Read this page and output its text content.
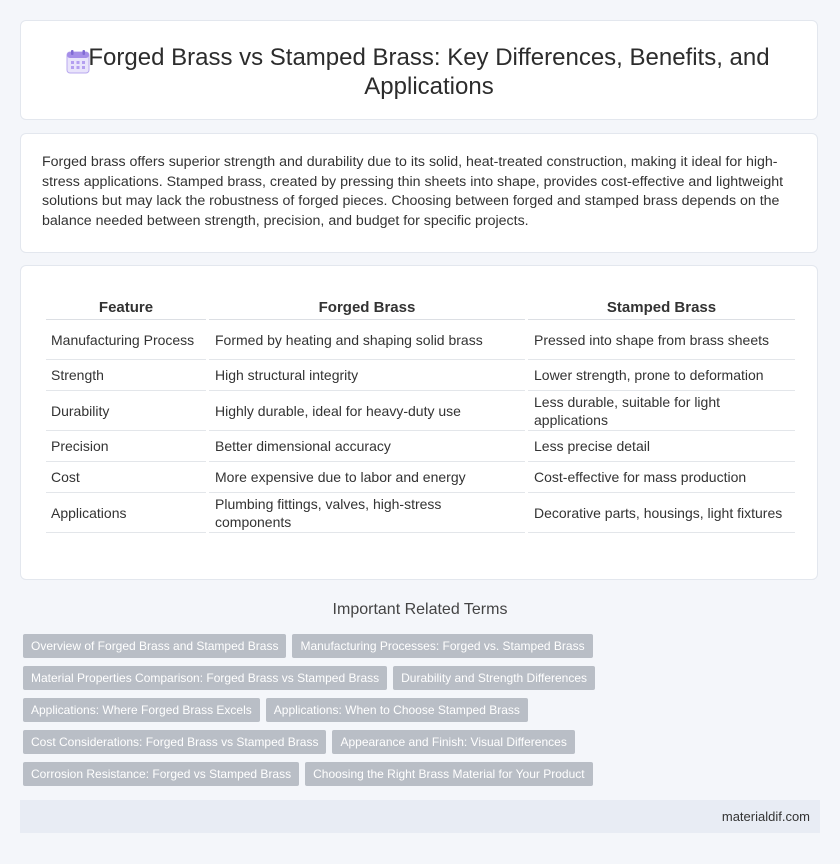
Forged Brass vs Stamped Brass: Key Differences, Benefits, and Applications

Forged brass offers superior strength and durability due to its solid, heat-treated construction, making it ideal for high-stress applications. Stamped brass, created by pressing thin sheets into shape, provides cost-effective and lightweight solutions but may lack the robustness of forged pieces. Choosing between forged and stamped brass depends on the balance needed between strength, precision, and budget for specific projects.

Feature	Forged Brass	Stamped Brass
Manufacturing Process	Formed by heating and shaping solid brass	Pressed into shape from brass sheets
Strength	High structural integrity	Lower strength, prone to deformation
Durability	Highly durable, ideal for heavy-duty use	Less durable, suitable for light applications
Precision	Better dimensional accuracy	Less precise detail
Cost	More expensive due to labor and energy	Cost-effective for mass production
Applications	Plumbing fittings, valves, high-stress components	Decorative parts, housings, light fixtures
Important Related Terms
Overview of Forged Brass and Stamped Brass	Manufacturing Processes: Forged vs. Stamped Brass
Material Properties Comparison: Forged Brass vs Stamped Brass	Durability and Strength Differences
Applications: Where Forged Brass Excels	Applications: When to Choose Stamped Brass
Cost Considerations: Forged Brass vs Stamped Brass	Appearance and Finish: Visual Differences
Corrosion Resistance: Forged vs Stamped Brass	Choosing the Right Brass Material for Your Product
materialdif.com
